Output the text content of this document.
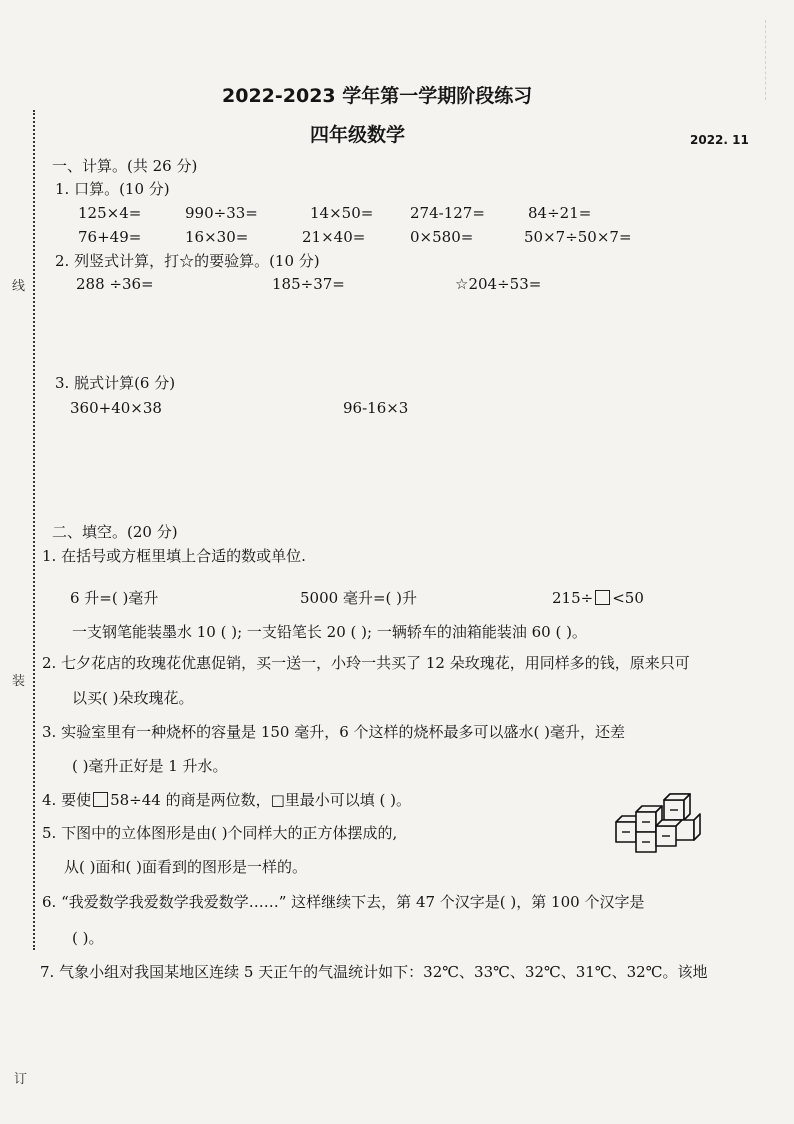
线
装
订
2022-2023 学年第一学期阶段练习
四年级数学	2022. 11
一、计算。(共 26 分)
1. 口算。(10 分)
125×4=	990÷33=	14×50= 274-127=	84÷21=
76+49=	16×30=	21×40=	0×580=	50×7÷50×7=
2. 列竖式计算，打☆的要验算。(10 分)
288 ÷36=	185÷37=	☆204÷53=
3. 脱式计算(6 分)
360+40×38	96-16×3
二、填空。(20 分)
1. 在括号或方框里填上合适的数或单位.
6 升=( )毫升	5000 毫升=( )升	215÷ <50
一支钢笔能装墨水 10 ( ); 一支铅笔长 20 ( ); 一辆轿车的油箱能装油 60 ( )。
2. 七夕花店的玫瑰花优惠促销，买一送一，小玲一共买了 12 朵玫瑰花，用同样多的钱，原来只可
以买( )朵玫瑰花。
3. 实验室里有一种烧杯的容量是 150 毫升，6 个这样的烧杯最多可以盛水( )毫升，还差
( )毫升正好是 1 升水。
4. 要使 58÷44 的商是两位数，□里最小可以填 ( )。
5. 下图中的立体图形是由( )个同样大的正方体摆成的,
从( )面和( )面看到的图形是一样的。
6. “我爱数学我爱数学我爱数学……” 这样继续下去，第 47 个汉字是( )，第 100 个汉字是
( )。
7. 气象小组对我国某地区连续 5 天正午的气温统计如下：32℃、33℃、32℃、31℃、32℃。该地
